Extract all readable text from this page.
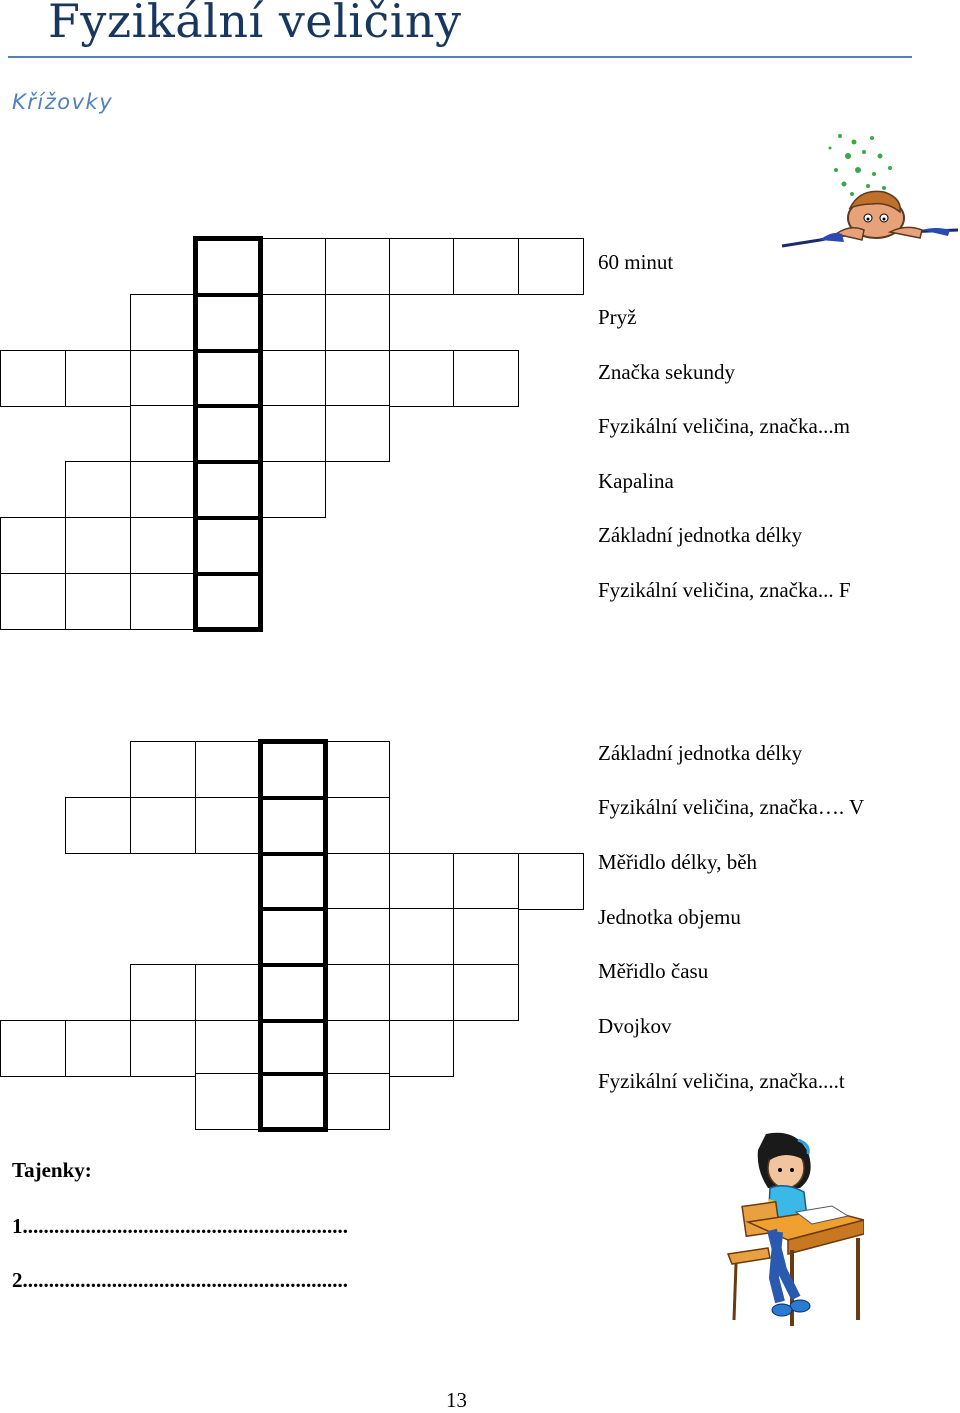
Fyzikální veličiny
Křížovky
60 minut
Pryž
Značka sekundy
Fyzikální veličina, značka...m
Kapalina
Základní jednotka délky
Fyzikální veličina, značka... F
Základní jednotka délky
Fyzikální veličina, značka…. V
Měřidlo délky, běh
Jednotka objemu
Měřidlo času
Dvojkov
Fyzikální veličina, značka....t
Tajenky:
1..............................................................
2..............................................................
13
